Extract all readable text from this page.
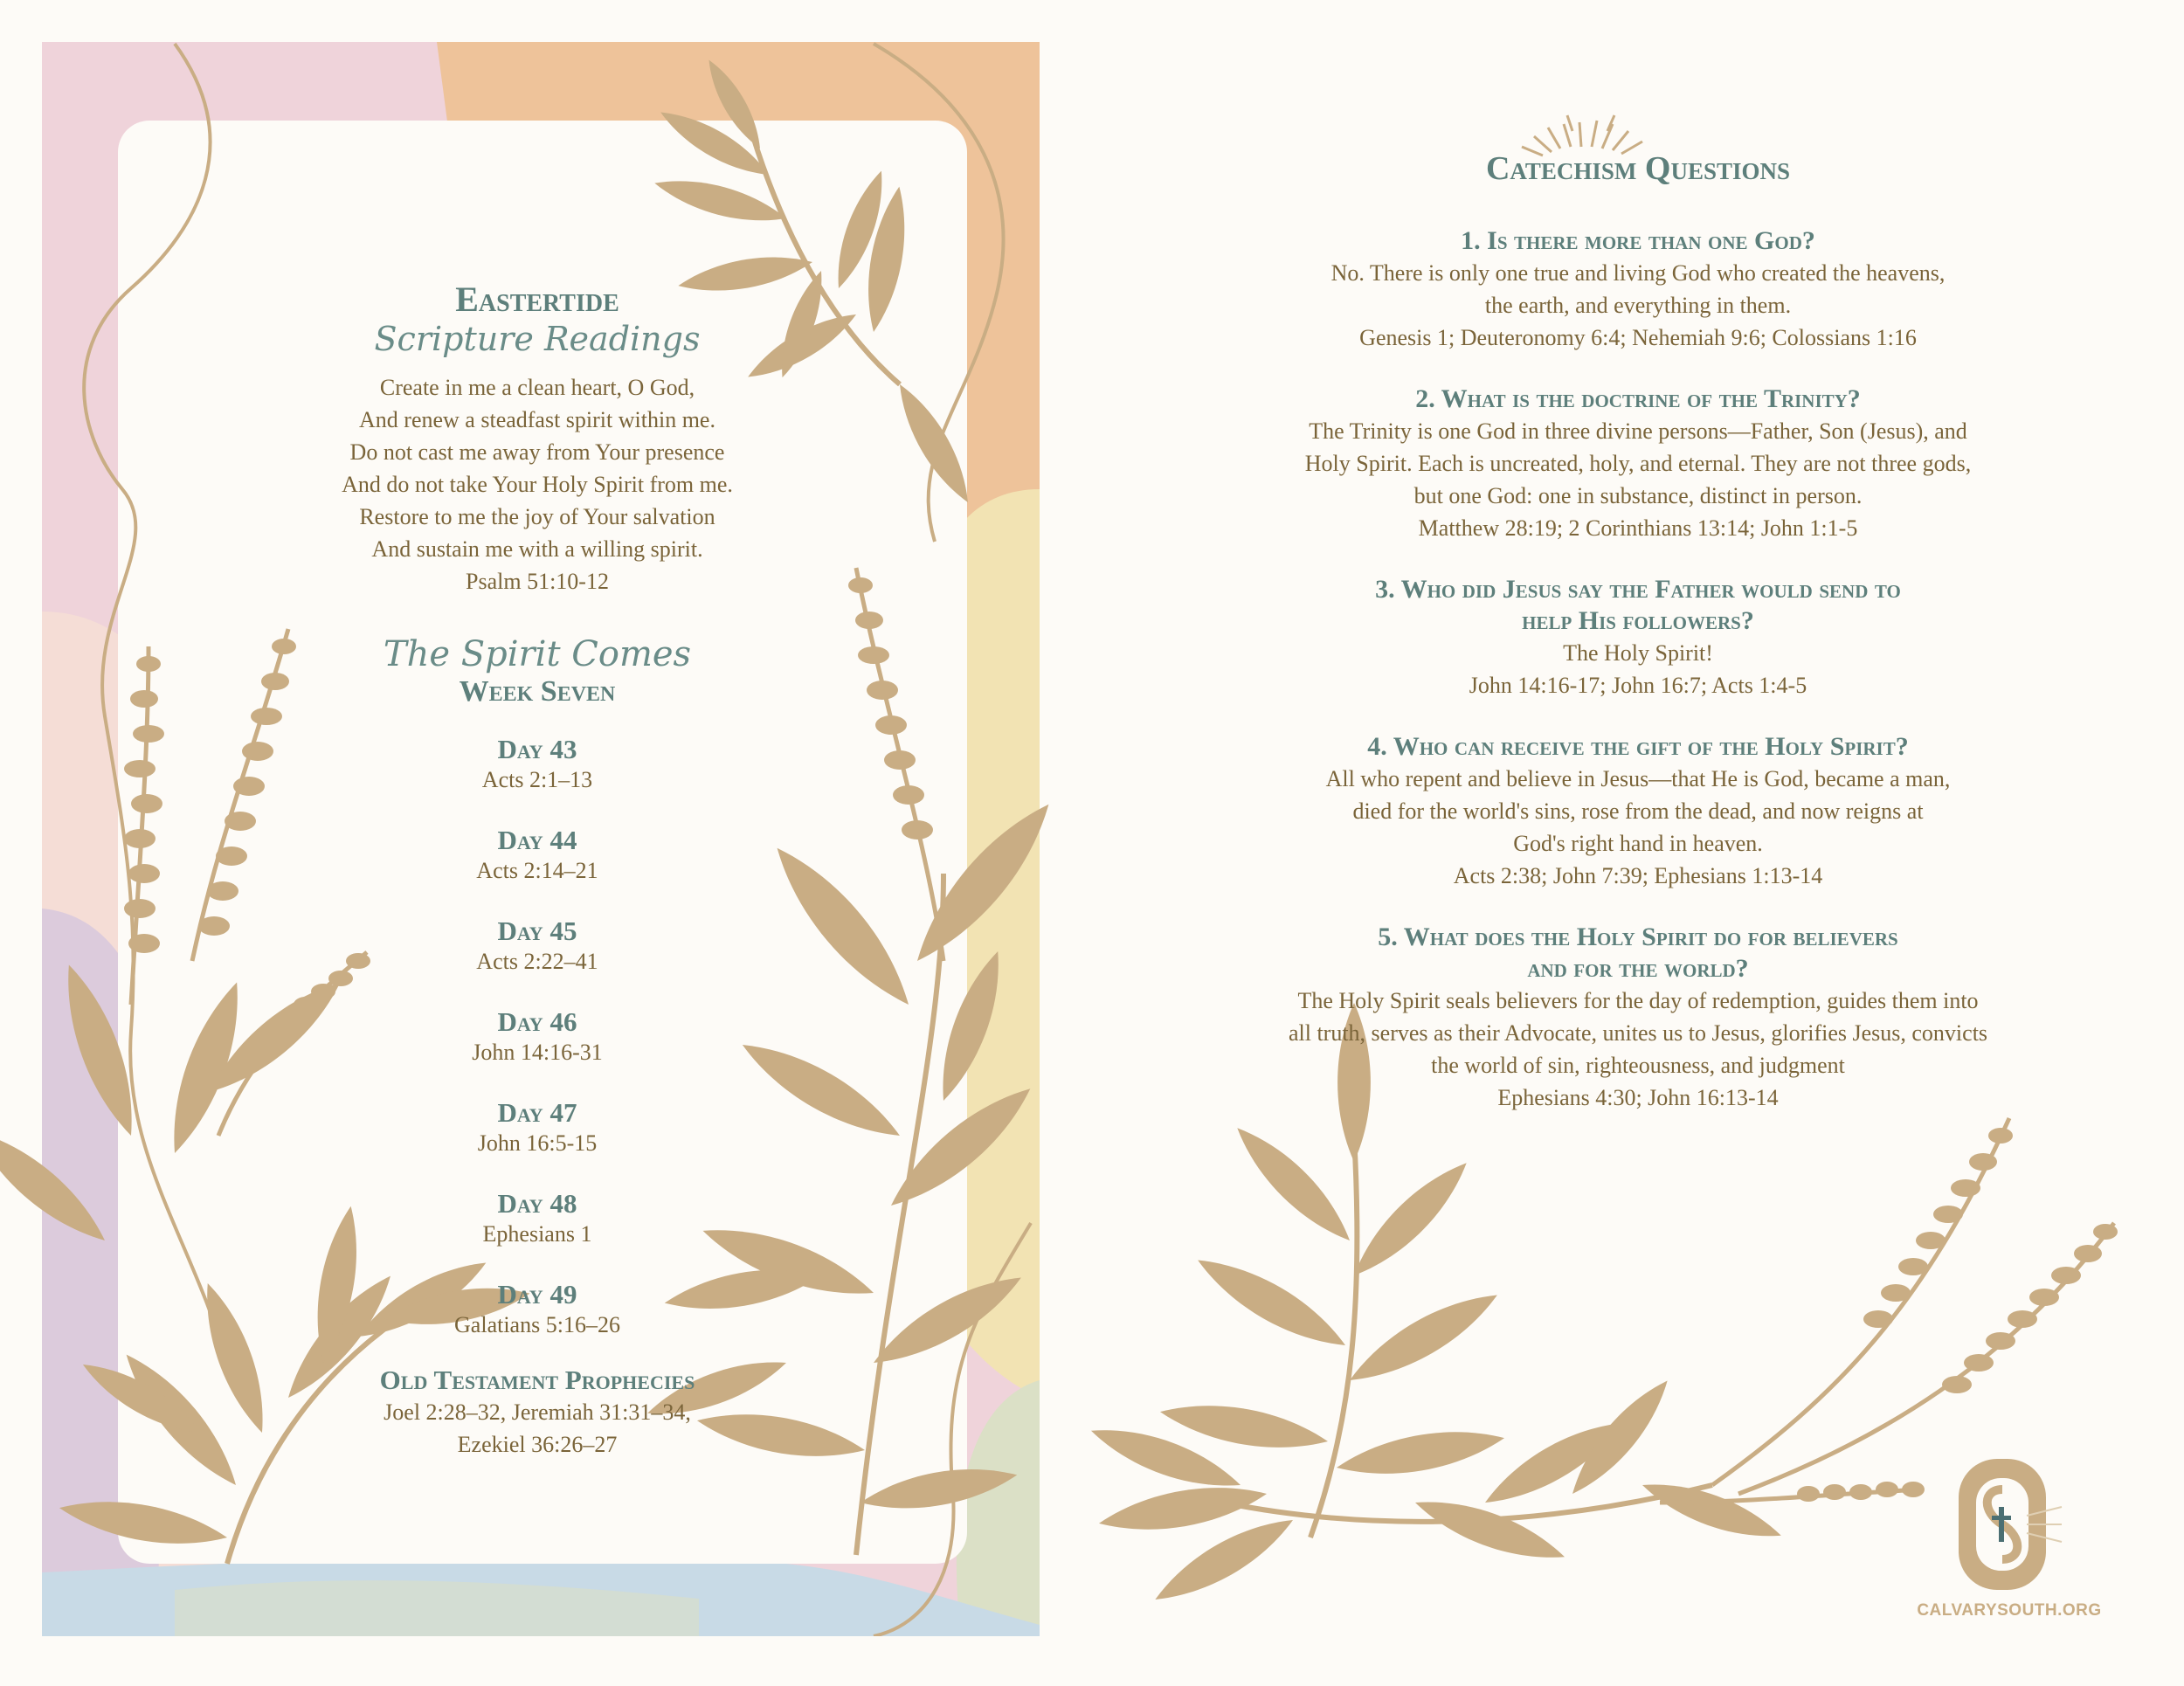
Eastertide
Scripture Readings
Create in me a clean heart, O God,
And renew a steadfast spirit within me.
Do not cast me away from Your presence
And do not take Your Holy Spirit from me.
Restore to me the joy of Your salvation
And sustain me with a willing spirit.
Psalm 51:10-12
The Spirit Comes
Week Seven
Day 43
Acts 2:1–13
Day 44
Acts 2:14–21
Day 45
Acts 2:22–41
Day 46
John 14:16-31
Day 47
John 16:5-15
Day 48
Ephesians 1
Day 49
Galatians 5:16–26
Old Testament Prophecies
Joel 2:28–32, Jeremiah 31:31–34,
Ezekiel 36:26–27
Catechism Questions
1. Is there more than one God?
No. There is only one true and living God who created the heavens,
the earth, and everything in them.
Genesis 1; Deuteronomy 6:4; Nehemiah 9:6; Colossians 1:16
2. What is the doctrine of the Trinity?
The Trinity is one God in three divine persons—Father, Son (Jesus), and
Holy Spirit. Each is uncreated, holy, and eternal. They are not three gods,
but one God: one in substance, distinct in person.
Matthew 28:19; 2 Corinthians 13:14; John 1:1-5
3. Who did Jesus say the Father would send to
help His followers?
The Holy Spirit!
John 14:16-17; John 16:7; Acts 1:4-5
4. Who can receive the gift of the Holy Spirit?
All who repent and believe in Jesus—that He is God, became a man,
died for the world's sins, rose from the dead, and now reigns at
God's right hand in heaven.
Acts 2:38; John 7:39; Ephesians 1:13-14
5. What does the Holy Spirit do for believers
and for the world?
The Holy Spirit seals believers for the day of redemption, guides them into
all truth, serves as their Advocate, unites us to Jesus, glorifies Jesus, convicts
the world of sin, righteousness, and judgment
Ephesians 4:30; John 16:13-14
CALVARYSOUTH.ORG
